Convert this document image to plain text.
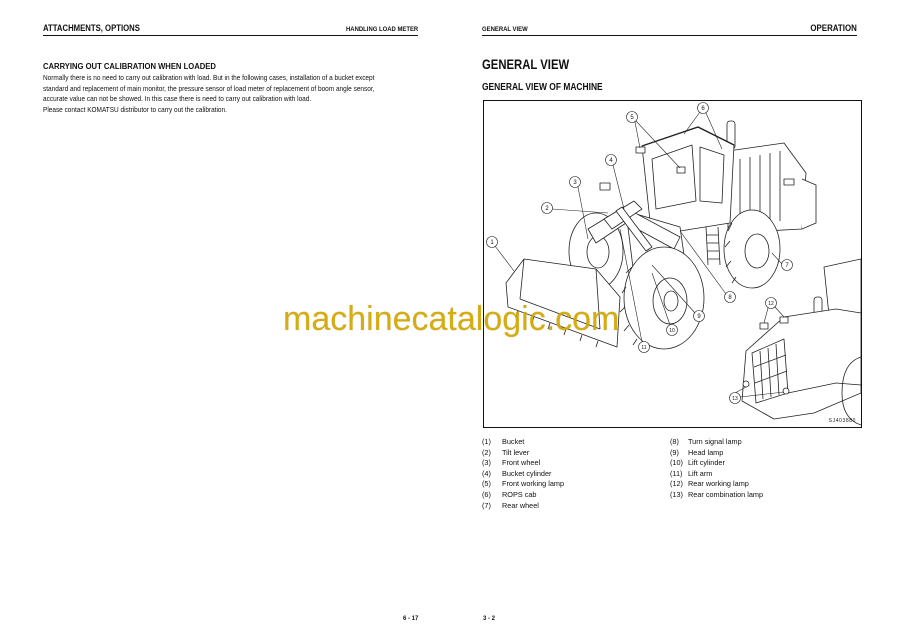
ATTACHMENTS, OPTIONS	HANDLING LOAD METER
CARRYING OUT CALIBRATION WHEN LOADED
Normally there is no need to carry out calibration with load. But in the following cases, installation of a bucket except
standard and replacement of main monitor, the pressure sensor of load meter of replacement of boom angle sensor,
accurate value can not be showed. In this case there is need to carry out calibration with load.
Please contact KOMATSU distributor to carry out the calibration.
6 - 17
GENERAL VIEW	OPERATION
GENERAL VIEW
GENERAL VIEW OF MACHINE
1
2
3
4
5
6
7
8
9
10
11
12
13
SJ403880
(1) Bucket
(2) Tilt lever
(3) Front wheel
(4) Bucket cylinder
(5) Front working lamp
(6) ROPS cab
(7) Rear wheel
(8) Turn signal lamp
(9) Head lamp
(10) Lift cylinder
(11) Lift arm
(12) Rear working lamp
(13) Rear combination lamp
3 - 2
machinecatalogic.com
